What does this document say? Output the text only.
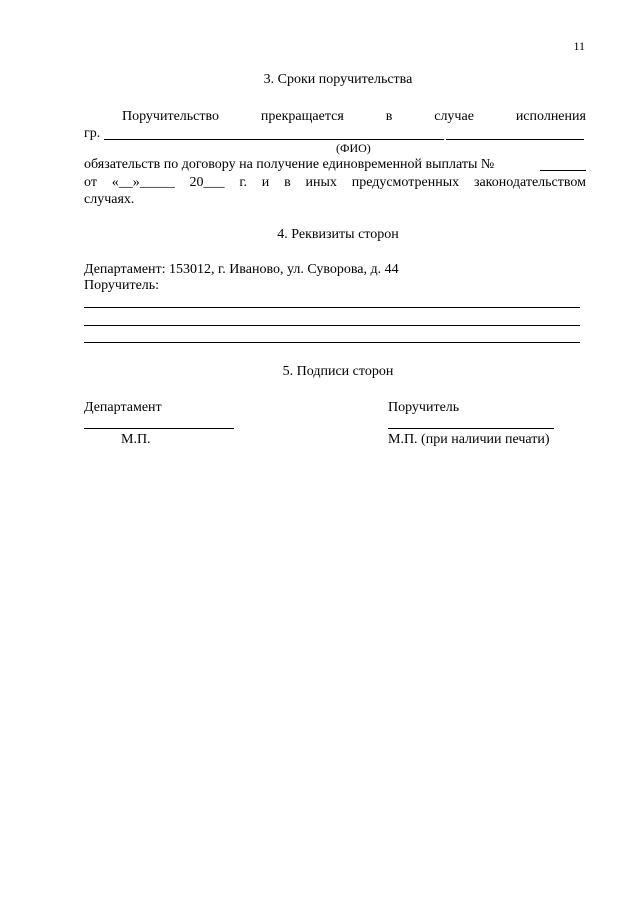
11
3. Сроки поручительства
Поручительство	прекращается	в	случае	исполнения
гр.
(ФИО)
обязательств по договору на получение единовременной выплаты №
от «__»_____ 20___ г. и в иных предусмотренных законодательством
случаях.
4. Реквизиты сторон
Департамент: 153012, г. Иваново, ул. Суворова, д. 44
Поручитель:
5. Подписи сторон
Департамент	Поручитель
М.П.	М.П. (при наличии печати)
